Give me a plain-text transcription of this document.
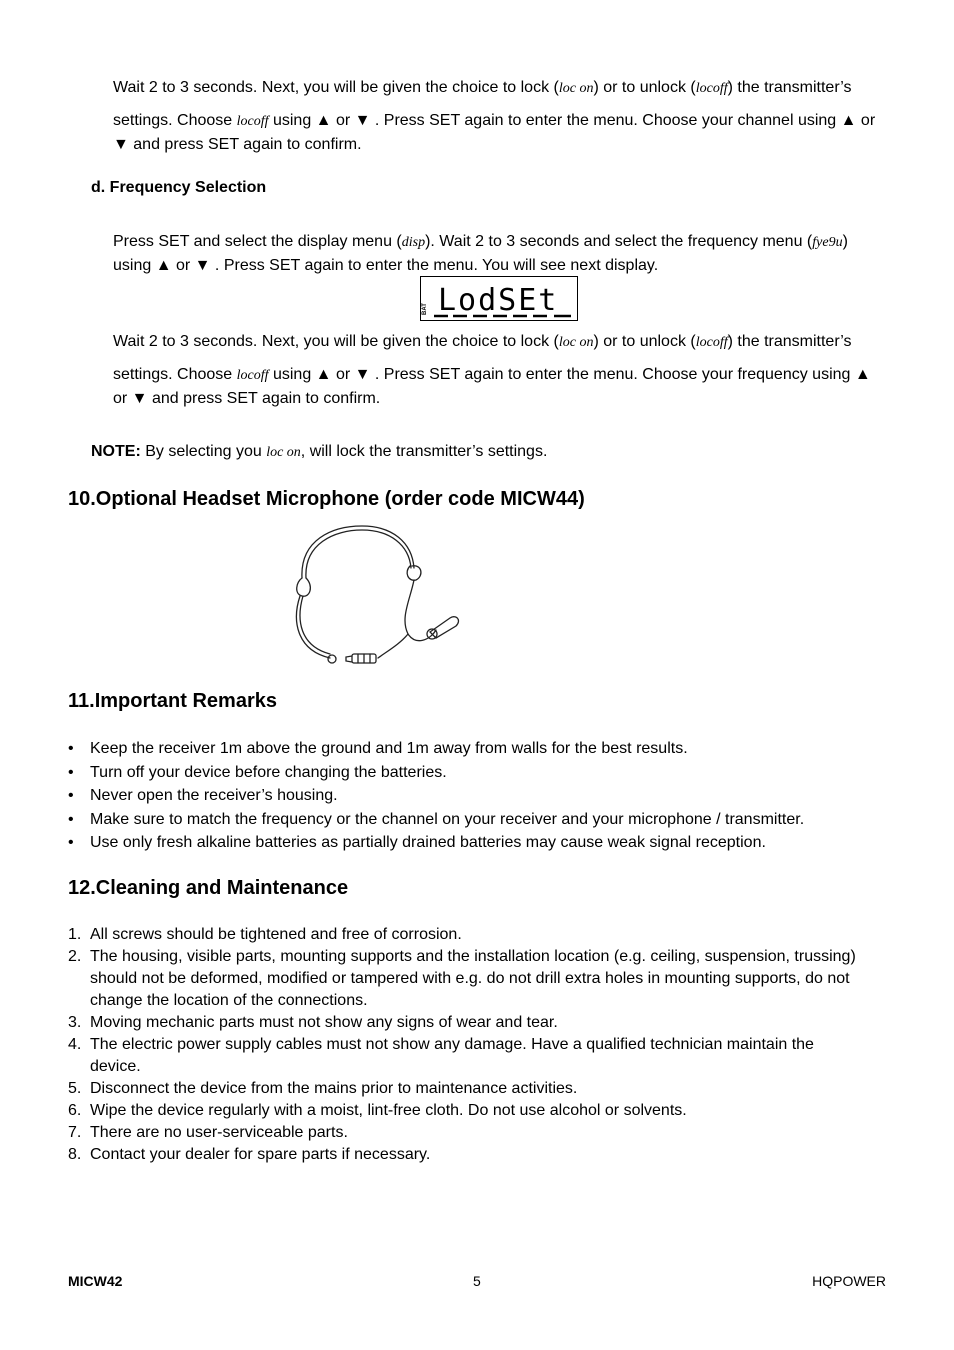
Wait 2 to 3 seconds. Next, you will be given the choice to lock (loc on) or to unlock (locoff) the transmitter’s
settings. Choose locoff using ▲ or ▼ . Press SET again to enter the menu. Choose your channel using ▲ or
▼ and press SET again to confirm.
d. Frequency Selection
Press SET and select the display menu (disp). Wait 2 to 3 seconds and select the frequency menu (fye9u)
using ▲ or ▼ . Press SET again to enter the menu. You will see next display.
BAT LodSEt
Wait 2 to 3 seconds. Next, you will be given the choice to lock (loc on) or to unlock (locoff) the transmitter’s
settings. Choose locoff using ▲ or ▼ . Press SET again to enter the menu. Choose your frequency using ▲
or ▼ and press SET again to confirm.
NOTE: By selecting you loc on, will lock the transmitter’s settings.
10.Optional Headset Microphone (order code MICW44)
11.Important Remarks
• Keep the receiver 1m above the ground and 1m away from walls for the best results.
• Turn off your device before changing the batteries.
• Never open the receiver’s housing.
• Make sure to match the frequency or the channel on your receiver and your microphone / transmitter.
• Use only fresh alkaline batteries as partially drained batteries may cause weak signal reception.
12.Cleaning and Maintenance
1. All screws should be tightened and free of corrosion.
2. The housing, visible parts, mounting supports and the installation location (e.g. ceiling, suspension, trussing) should not be deformed, modified or tampered with e.g. do not drill extra holes in mounting supports, do not change the location of the connections.
3. Moving mechanic parts must not show any signs of wear and tear.
4. The electric power supply cables must not show any damage. Have a qualified technician maintain the device.
5. Disconnect the device from the mains prior to maintenance activities.
6. Wipe the device regularly with a moist, lint-free cloth. Do not use alcohol or solvents.
7. There are no user-serviceable parts.
8. Contact your dealer for spare parts if necessary.
MICW42	5	HQPOWER
